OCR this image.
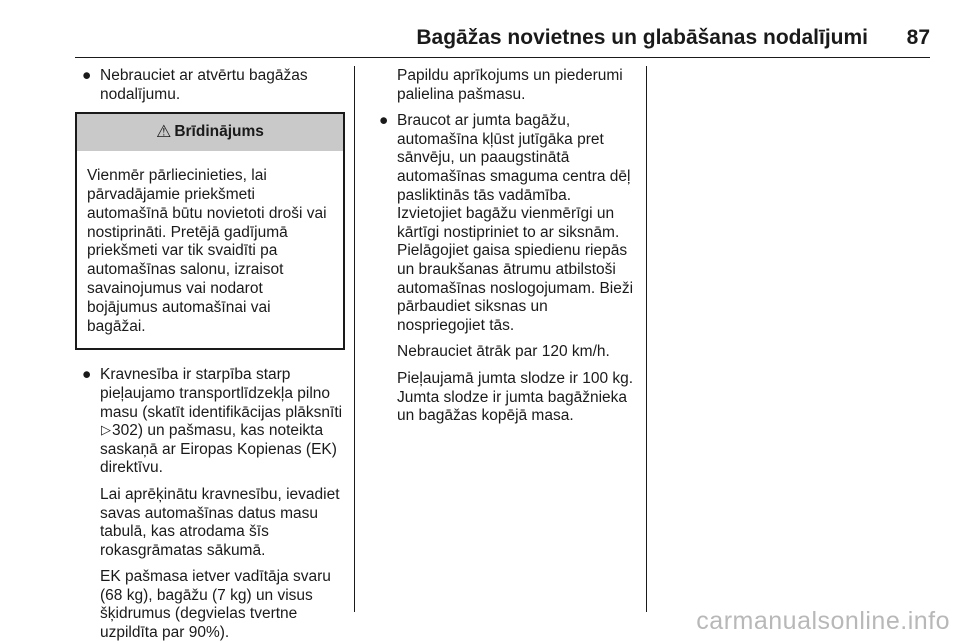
Bagāžas novietnes un glabāšanas nodalījumi	87
● Nebrauciet ar atvērtu bagāžas nodalījumu.
⚠ Brīdinājums
Vienmēr pārliecinieties, lai pārvadājamie priekšmeti automašīnā būtu novietoti droši vai nostiprināti. Pretējā gadījumā priekšmeti var tik svaidīti pa automašīnas salonu, izraisot savainojumus vai nodarot bojājumus automašīnai vai bagāžai.
● Kravnesība ir starpība starp pieļaujamo transportlīdzekļa pilno masu (skatīt identifikācijas plāksnīti ▷302) un pašmasu, kas noteikta saskaņā ar Eiropas Kopienas (EK) direktīvu.
Lai aprēķinātu kravnesību, ievadiet savas automašīnas datus masu tabulā, kas atrodama šīs rokasgrāmatas sākumā.
EK pašmasa ietver vadītāja svaru (68 kg), bagāžu (7 kg) un visus šķidrumus (degvielas tvertne uzpildīta par 90%).
Papildu aprīkojums un piederumi palielina pašmasu.
● Braucot ar jumta bagāžu, automašīna kļūst jutīgāka pret sānvēju, un paaugstinātā automašīnas smaguma centra dēļ pasliktinās tās vadāmība. Izvietojiet bagāžu vienmērīgi un kārtīgi nostipriniet to ar siksnām. Pielāgojiet gaisa spiedienu riepās un braukšanas ātrumu atbilstoši automašīnas noslogojumam. Bieži pārbaudiet siksnas un nospriegojiet tās.
Nebrauciet ātrāk par 120 km/h.
Pieļaujamā jumta slodze ir 100 kg. Jumta slodze ir jumta bagāžnieka un bagāžas kopējā masa.
carmanualsonline.info
